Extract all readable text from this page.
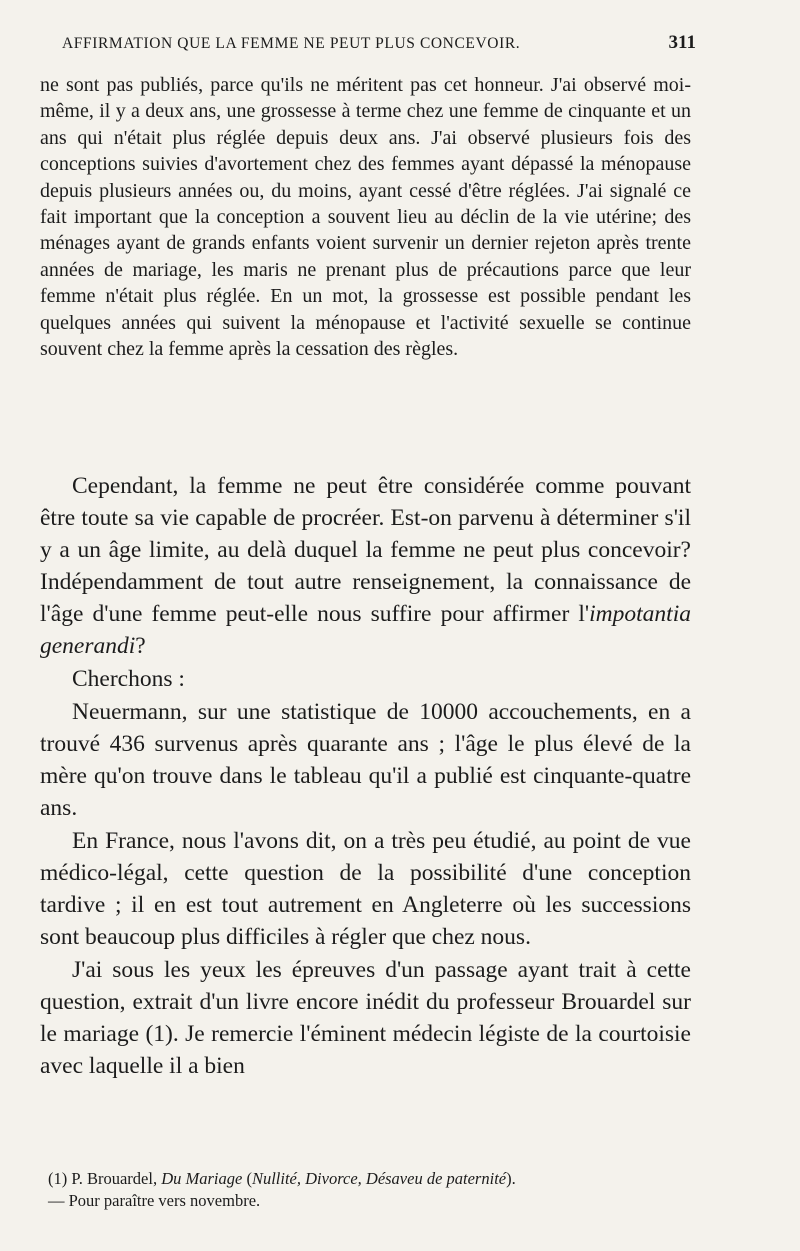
AFFIRMATION QUE LA FEMME NE PEUT PLUS CONCEVOIR.	311

ne sont pas publiés, parce qu'ils ne méritent pas cet honneur. J'ai observé moi-même, il y a deux ans, une grossesse à terme chez une femme de cinquante et un ans qui n'était plus réglée depuis deux ans. J'ai observé plusieurs fois des conceptions suivies d'avortement chez des femmes ayant dépassé la ménopause depuis plusieurs années ou, du moins, ayant cessé d'être réglées. J'ai signalé ce fait important que la conception a souvent lieu au déclin de la vie utérine; des ménages ayant de grands enfants voient survenir un dernier rejeton après trente années de mariage, les maris ne prenant plus de précautions parce que leur femme n'était plus réglée. En un mot, la grossesse est possible pendant les quelques années qui suivent la ménopause et l'activité sexuelle se continue souvent chez la femme après la cessation des règles.

Cependant, la femme ne peut être considérée comme pouvant être toute sa vie capable de procréer. Est-on parvenu à déterminer s'il y a un âge limite, au delà duquel la femme ne peut plus concevoir? Indépendamment de tout autre renseignement, la connaissance de l'âge d'une femme peut-elle nous suffire pour affirmer l'impotantia generandi?

Cherchons :

Neuermann, sur une statistique de 10000 accouchements, en a trouvé 436 survenus après quarante ans ; l'âge le plus élevé de la mère qu'on trouve dans le tableau qu'il a publié est cinquante-quatre ans.

En France, nous l'avons dit, on a très peu étudié, au point de vue médico-légal, cette question de la possibilité d'une conception tardive ; il en est tout autrement en Angleterre où les successions sont beaucoup plus difficiles à régler que chez nous.

J'ai sous les yeux les épreuves d'un passage ayant trait à cette question, extrait d'un livre encore inédit du professeur Brouardel sur le mariage (1). Je remercie l'éminent médecin légiste de la courtoisie avec laquelle il a bien

(1) P. Brouardel, Du Mariage (Nullité, Divorce, Désaveu de paternité).

— Pour paraître vers novembre.
